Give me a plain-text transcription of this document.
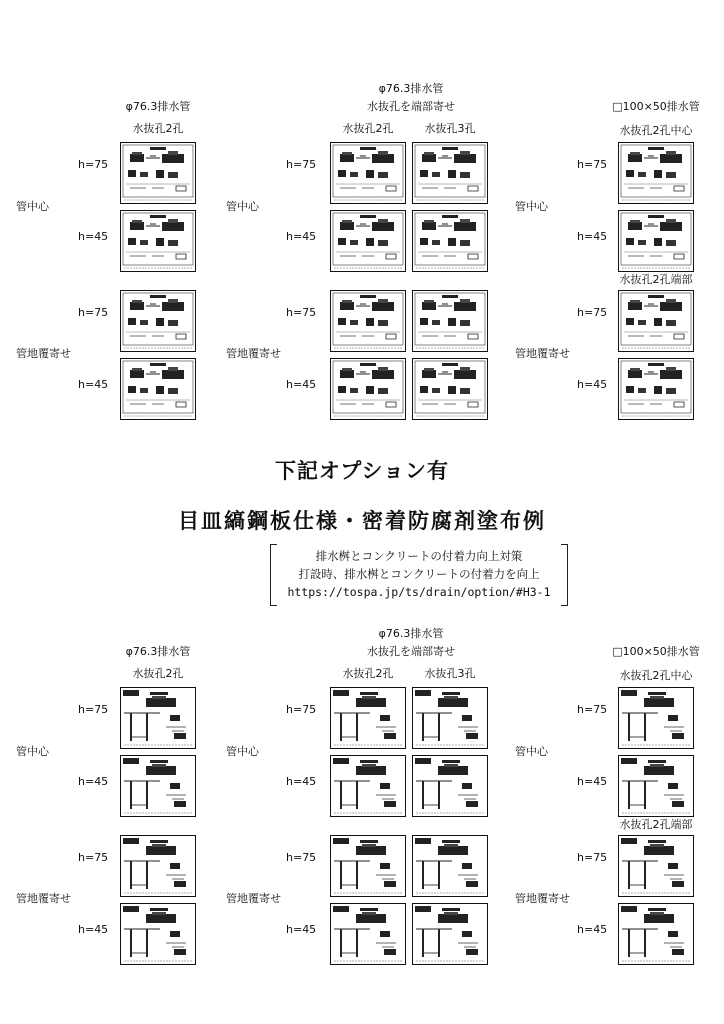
φ76.3排水管
水抜孔2孔
φ76.3排水管
水抜孔を端部寄せ
水抜孔2孔	水抜孔3孔
□100×50排水管
水抜孔2孔中心
水抜孔2孔端部
h=75
h=45
h=75
h=45
管中心
管地覆寄せ
h=75
h=45
h=75
h=45
管中心
管地覆寄せ
h=75
h=45
h=75
h=45
管中心
管地覆寄せ
下記オプション有
目皿縞鋼板仕様・密着防腐剤塗布例
排水桝とコンクリートの付着力向上対策
打設時、排水桝とコンクリートの付着力を向上
https://tospa.jp/ts/drain/option/#H3-1
φ76.3排水管
水抜孔2孔
φ76.3排水管
水抜孔を端部寄せ
水抜孔2孔	水抜孔3孔
□100×50排水管
水抜孔2孔中心
水抜孔2孔端部
h=75
h=45
h=75
h=45
管中心
管地覆寄せ
h=75
h=45
h=75
h=45
管中心
管地覆寄せ
h=75
h=45
h=75
h=45
管中心
管地覆寄せ
